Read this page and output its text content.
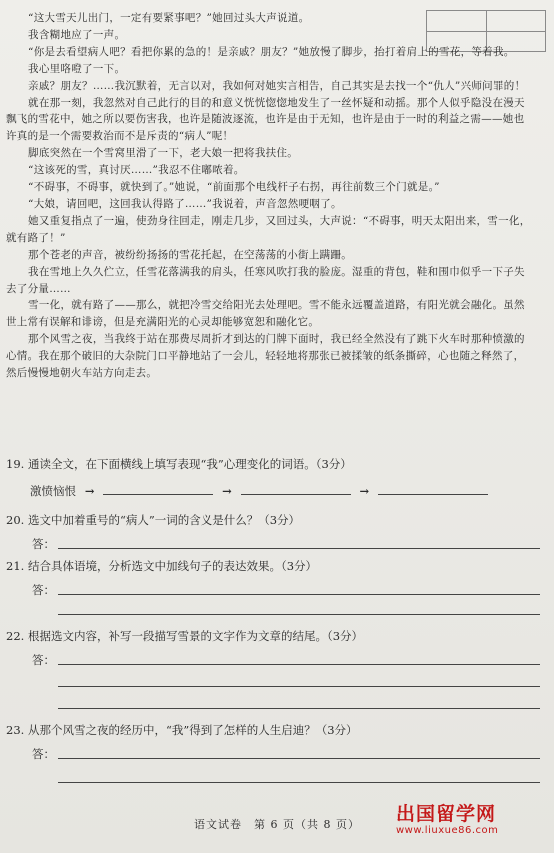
“这大雪天儿出门，一定有要紧事吧？”她回过头大声说道。

我含糊地应了一声。

“你是去看望病人吧？看把你累的急的！是亲戚？朋友？”她放慢了脚步，抬打着肩上的雪花，等着我。

我心里咯噔了一下。

亲戚？朋友？……我沉默着，无言以对，我如何对她实言相告，自己其实是去找一个“仇人”兴师问罪的！

就在那一刻，我忽然对自己此行的目的和意义恍恍惚惚地发生了一丝怀疑和动摇。那个人似乎隐没在漫天飘飞的雪花中，她之所以要伤害我，也许是随波逐流，也许是由于无知，也许是由于一时的利益之需——她也许真的是一个需要救治而不是斥责的“病人”呢！

脚底突然在一个雪窝里滑了一下，老大娘一把将我扶住。

“这该死的雪，真讨厌……”我忍不住嘟哝着。

“不碍事，不碍事，就快到了。”她说，“前面那个电线杆子右拐，再往前数三个门就是。”

“大娘，请回吧，这回我认得路了……”我说着，声音忽然哽咽了。

她又重复指点了一遍，使劲身往回走，刚走几步，又回过头，大声说：“不碍事，明天太阳出来，雪一化，就有路了！”

那个苍老的声音，被纷纷扬扬的雪花托起，在空荡荡的小街上蹒跚。

我在雪地上久久伫立，任雪花落满我的肩头，任寒风吹打我的脸庞。湿重的背包，鞋和围巾似乎一下子失去了分量……

雪一化，就有路了——那么，就把冷雪交给阳光去处理吧。雪不能永远覆盖道路，有阳光就会融化。虽然世上常有误解和诽谤，但是充满阳光的心灵却能够宽恕和融化它。

那个风雪之夜，当我终于站在那费尽周折才到达的门牌下面时，我已经全然没有了跳下火车时那种愤激的心情。我在那个破旧的大杂院门口平静地站了一会儿，轻轻地将那张已被揉皱的纸条撕碎，心也随之释然了，然后慢慢地朝火车站方向走去。

19. 通读全文，在下面横线上填写表现“我”心理变化的词语。（3分）
激愤恼恨 →	→	→
20. 选文中加着重号的“病人”一词的含义是什么？（3分）
答：
21. 结合具体语境，分析选文中加线句子的表达效果。（3分）
答：
22. 根据选文内容，补写一段描写雪景的文字作为文章的结尾。（3分）
答：
23. 从那个风雪之夜的经历中，“我”得到了怎样的人生启迪？（3分）
答：
语文试卷　第 6 页（共 8 页）	出国留学网
www.liuxue86.com
